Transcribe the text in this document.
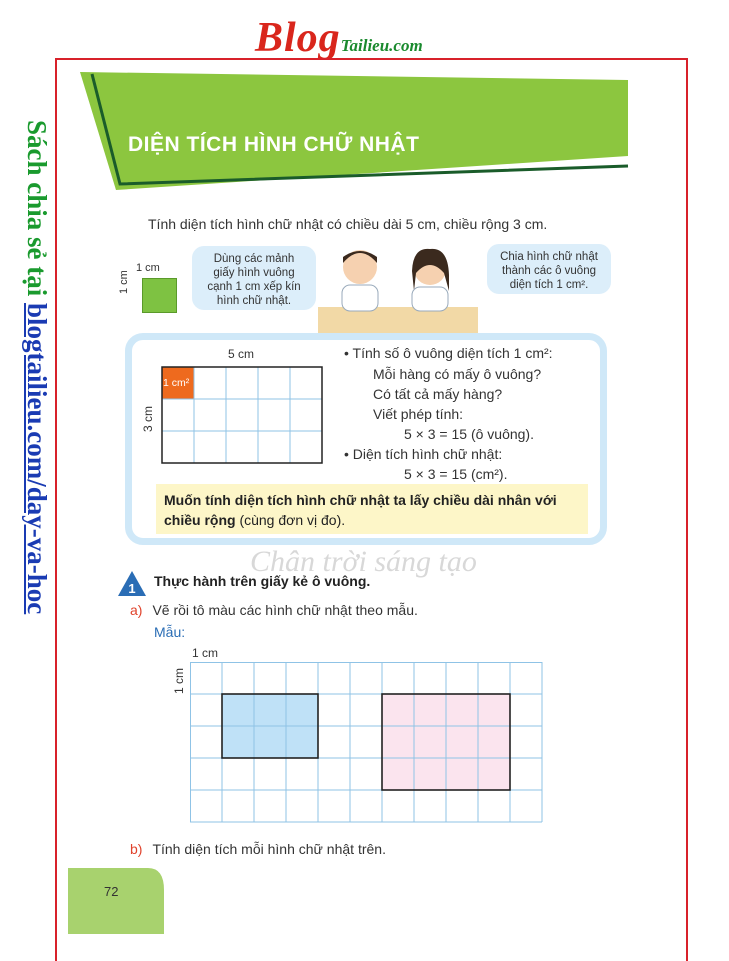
BlogTailieu.com
Sách chia sẻ tại blogtailieu.com/day-va-hoc
DIỆN TÍCH HÌNH CHỮ NHẬT
Tính diện tích hình chữ nhật có chiều dài 5 cm, chiều rộng 3 cm.
1 cm
1 cm
Dùng các mảnh
giấy hình vuông
cạnh 1 cm xếp kín
hình chữ nhật.
Chia hình chữ nhật
thành các ô vuông
diện tích 1 cm².
5 cm
3 cm
1 cm²
• Tính số ô vuông diện tích 1 cm²:
Mỗi hàng có mấy ô vuông?
Có tất cả mấy hàng?
Viết phép tính:
5 × 3 = 15 (ô vuông).
• Diện tích hình chữ nhật:
5 × 3 = 15 (cm²).
Muốn tính diện tích hình chữ nhật ta lấy chiều dài nhân với chiều rộng (cùng đơn vị đo).
Chân trời sáng tạo
1 Thực hành trên giấy kẻ ô vuông.
a) Vẽ rồi tô màu các hình chữ nhật theo mẫu.
Mẫu:
1 cm
1 cm
b) Tính diện tích mỗi hình chữ nhật trên.
72
